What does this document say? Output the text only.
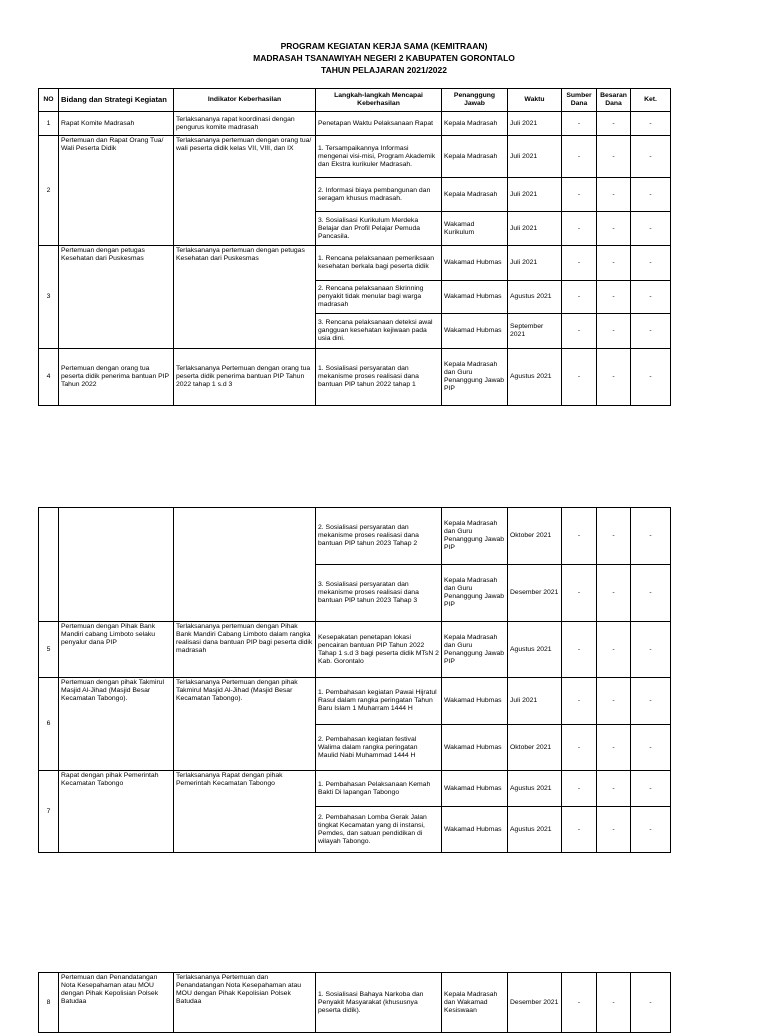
PROGRAM KEGIATAN KERJA SAMA (KEMITRAAN)
MADRASAH TSANAWIYAH NEGERI 2 KABUPATEN GORONTALO
TAHUN PELAJARAN 2021/2022
NO	Bidang dan Strategi Kegiatan	Indikator Keberhasilan	Langkah-langkah Mencapai Keberhasilan	Penanggung Jawab	Waktu	Sumber Dana	Besaran Dana	Ket.
1	Rapat Komite Madrasah	Terlaksananya rapat koordinasi dengan pengurus komite madrasah	Penetapan Waktu Pelaksanaan Rapat	Kepala Madrasah	Juli 2021	-	-	-
2	Pertemuan dan Rapat Orang Tua/ Wali Peserta Didik	Terlaksananya pertemuan dengan orang tua/ wali peserta didik kelas VII, VIII, dan IX	1. Tersampaikannya Informasi mengenai visi-misi, Program Akademik dan Ekstra kurikuler Madrasah.	Kepala Madrasah	Juli 2021	-	-	-
			2. Informasi biaya pembangunan dan seragam khusus madrasah.	Kepala Madrasah	Juli 2021	-	-	-
			3. Sosialisasi Kurikulum Merdeka Belajar dan Profil Pelajar Pemuda Pancasila.	Wakamad Kurikulum	Juli 2021	-	-	-
3	Pertemuan dengan petugas Kesehatan dari Puskesmas	Terlaksananya pertemuan dengan petugas Kesehatan dari Puskesmas	1. Rencana pelaksanaan pemeriksaan kesehatan berkala bagi peserta didik	Wakamad Hubmas	Juli 2021	-	-	-
			2. Rencana pelaksanaan Skrinning penyakit tidak menular bagi warga madrasah	Wakamad Hubmas	Agustus 2021	-	-	-
			3. Rencana pelaksanaan deteksi awal gangguan kesehatan kejiwaan pada usia dini.	Wakamad Hubmas	September 2021	-	-	-
4	Pertemuan dengan orang tua peserta didik penerima bantuan PIP Tahun 2022	Terlaksananya Pertemuan dengan orang tua peserta didik penerima bantuan PIP Tahun 2022 tahap 1 s.d 3	1. Sosialisasi persyaratan dan mekanisme proses realisasi dana bantuan PIP tahun 2022 tahap 1	Kepala Madrasah dan Guru Penanggung Jawab PIP	Agustus 2021	-	-	-
			2. Sosialisasi persyaratan dan mekanisme proses realisasi dana bantuan PIP tahun 2023 Tahap 2	Kepala Madrasah dan Guru Penanggung Jawab PIP	Oktober 2021	-	-	-
			3. Sosialisasi persyaratan dan mekanisme proses realisasi dana bantuan PIP tahun 2023 Tahap 3	Kepala Madrasah dan Guru Penanggung Jawab PIP	Desember 2021	-	-	-
5	Pertemuan dengan Pihak Bank Mandiri cabang Limboto selaku penyalur dana PIP	Terlaksananya pertemuan dengan Pihak Bank Mandiri Cabang Limboto dalam rangka realisasi dana bantuan PIP bagi peserta didik madrasah	Kesepakatan penetapan lokasi pencairan bantuan PIP Tahun 2022 Tahap 1 s.d 3 bagi peserta didik MTsN 2 Kab. Gorontalo	Kepala Madrasah dan Guru Penanggung Jawab PIP	Agustus 2021	-	-	-
6	Pertemuan dengan pihak Takmirul Masjid Al-Jihad (Masjid Besar Kecamatan Tabongo).	Terlaksananya Pertemuan dengan pihak Takmirul Masjid Al-Jihad (Masjid Besar Kecamatan Tabongo).	1. Pembahasan kegiatan Pawai Hijratul Rasul dalam rangka peringatan Tahun Baru Islam 1 Muharram 1444 H	Wakamad Hubmas	Juli 2021	-	-	-
			2. Pembahasan kegiatan festival Walima dalam rangka peringatan Maulid Nabi Muhammad 1444 H	Wakamad Hubmas	Oktober 2021	-	-	-
7	Rapat dengan pihak Pemerintah Kecamatan Tabongo	Terlaksananya Rapat dengan pihak Pemerintah Kecamatan Tabongo	1. Pembahasan Pelaksanaan Kemah Bakti Di lapangan Tabongo	Wakamad Hubmas	Agustus 2021	-	-	-
			2. Pembahasan Lomba Gerak Jalan tingkat Kecamatan yang di instansi, Pemdes, dan satuan pendidikan di wilayah Tabongo.	Wakamad Hubmas	Agustus 2021	-	-	-
8	Pertemuan dan Penandatangan Nota Kesepahaman atau MOU dengan Pihak Kepolisian Polsek Batudaa	Terlaksananya Pertemuan dan Penandatangan Nota Kesepahaman atau MOU dengan Pihak Kepolisian Polsek Batudaa	1. Sosialisasi Bahaya Narkoba dan Penyakit Masyarakat (khususnya peserta didik).	Kepala Madrasah dan Wakamad Kesiswaan	Desember 2021	-	-	-
